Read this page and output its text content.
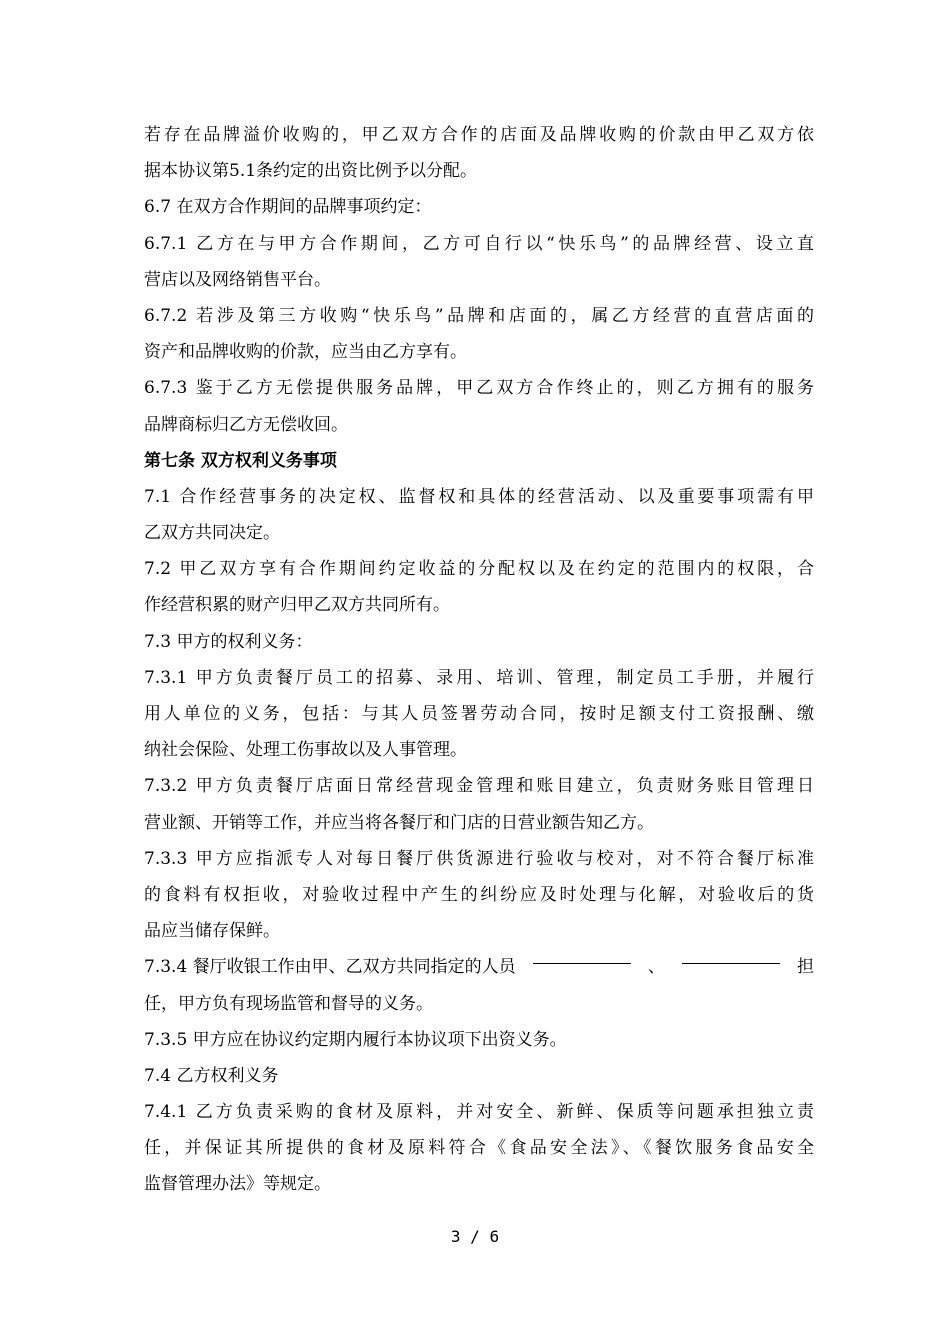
若存在品牌溢价收购的，甲乙双方合作的店面及品牌收购的价款由甲乙双方依
据本协议第5.1条约定的出资比例予以分配。
6.7 在双方合作期间的品牌事项约定：
6.7.1 乙方在与甲方合作期间，乙方可自行以“快乐鸟”的品牌经营、设立直
营店以及网络销售平台。
6.7.2 若涉及第三方收购“快乐鸟”品牌和店面的，属乙方经营的直营店面的
资产和品牌收购的价款，应当由乙方享有。
6.7.3 鉴于乙方无偿提供服务品牌，甲乙双方合作终止的，则乙方拥有的服务
品牌商标归乙方无偿收回。
第七条 双方权利义务事项
7.1 合作经营事务的决定权、监督权和具体的经营活动、以及重要事项需有甲
乙双方共同决定。
7.2 甲乙双方享有合作期间约定收益的分配权以及在约定的范围内的权限，合
作经营积累的财产归甲乙双方共同所有。
7.3 甲方的权利义务：
7.3.1 甲方负责餐厅员工的招募、录用、培训、管理，制定员工手册，并履行
用人单位的义务，包括：与其人员签署劳动合同，按时足额支付工资报酬、缴
纳社会保险、处理工伤事故以及人事管理。
7.3.2 甲方负责餐厅店面日常经营现金管理和账目建立，负责财务账目管理日
营业额、开销等工作，并应当将各餐厅和门店的日营业额告知乙方。
7.3.3 甲方应指派专人对每日餐厅供货源进行验收与校对，对不符合餐厅标准
的食料有权拒收，对验收过程中产生的纠纷应及时处理与化解，对验收后的货
品应当储存保鲜。
7.3.4 餐厅收银工作由甲、乙双方共同指定的人员	、	担
任，甲方负有现场监管和督导的义务。
7.3.5 甲方应在协议约定期内履行本协议项下出资义务。
7.4 乙方权利义务
7.4.1 乙方负责采购的食材及原料，并对安全、新鲜、保质等问题承担独立责
任，并保证其所提供的食材及原料符合《食品安全法》、《餐饮服务食品安全
监督管理办法》等规定。
3 / 6
